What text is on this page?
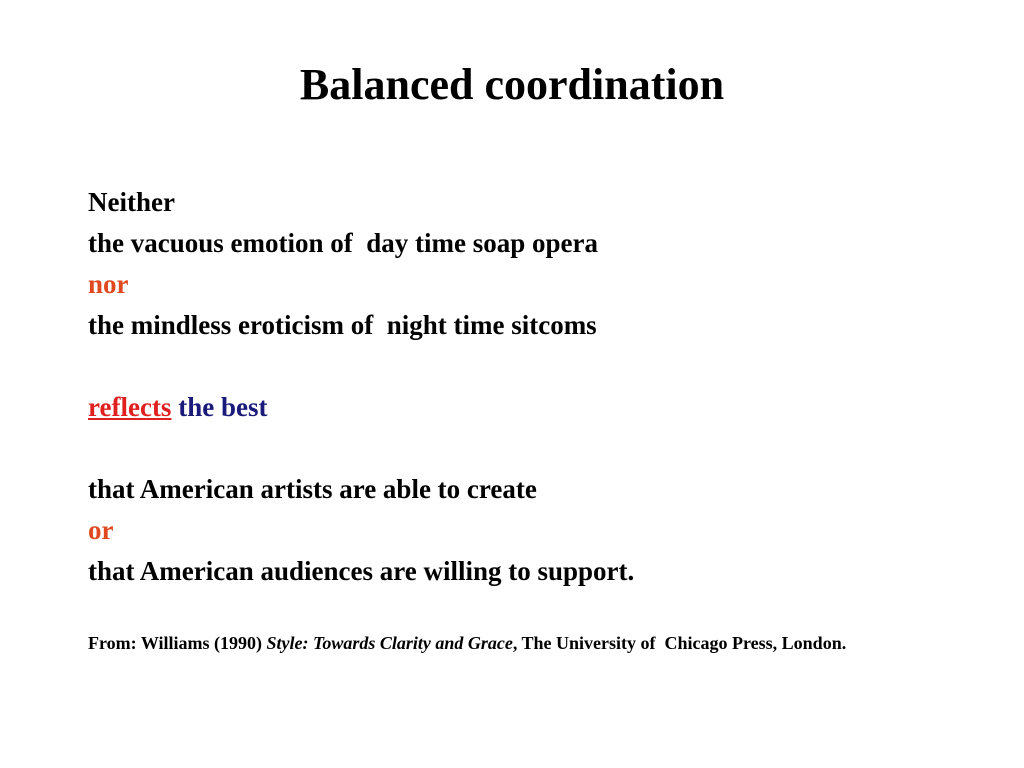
Balanced coordination
Neither
the vacuous emotion of  day time soap opera
nor
the mindless eroticism of  night time sitcoms
reflects the best
that American artists are able to create
or
that American audiences are willing to support.
From: Williams (1990) Style: Towards Clarity and Grace, The University of  Chicago Press, London.
